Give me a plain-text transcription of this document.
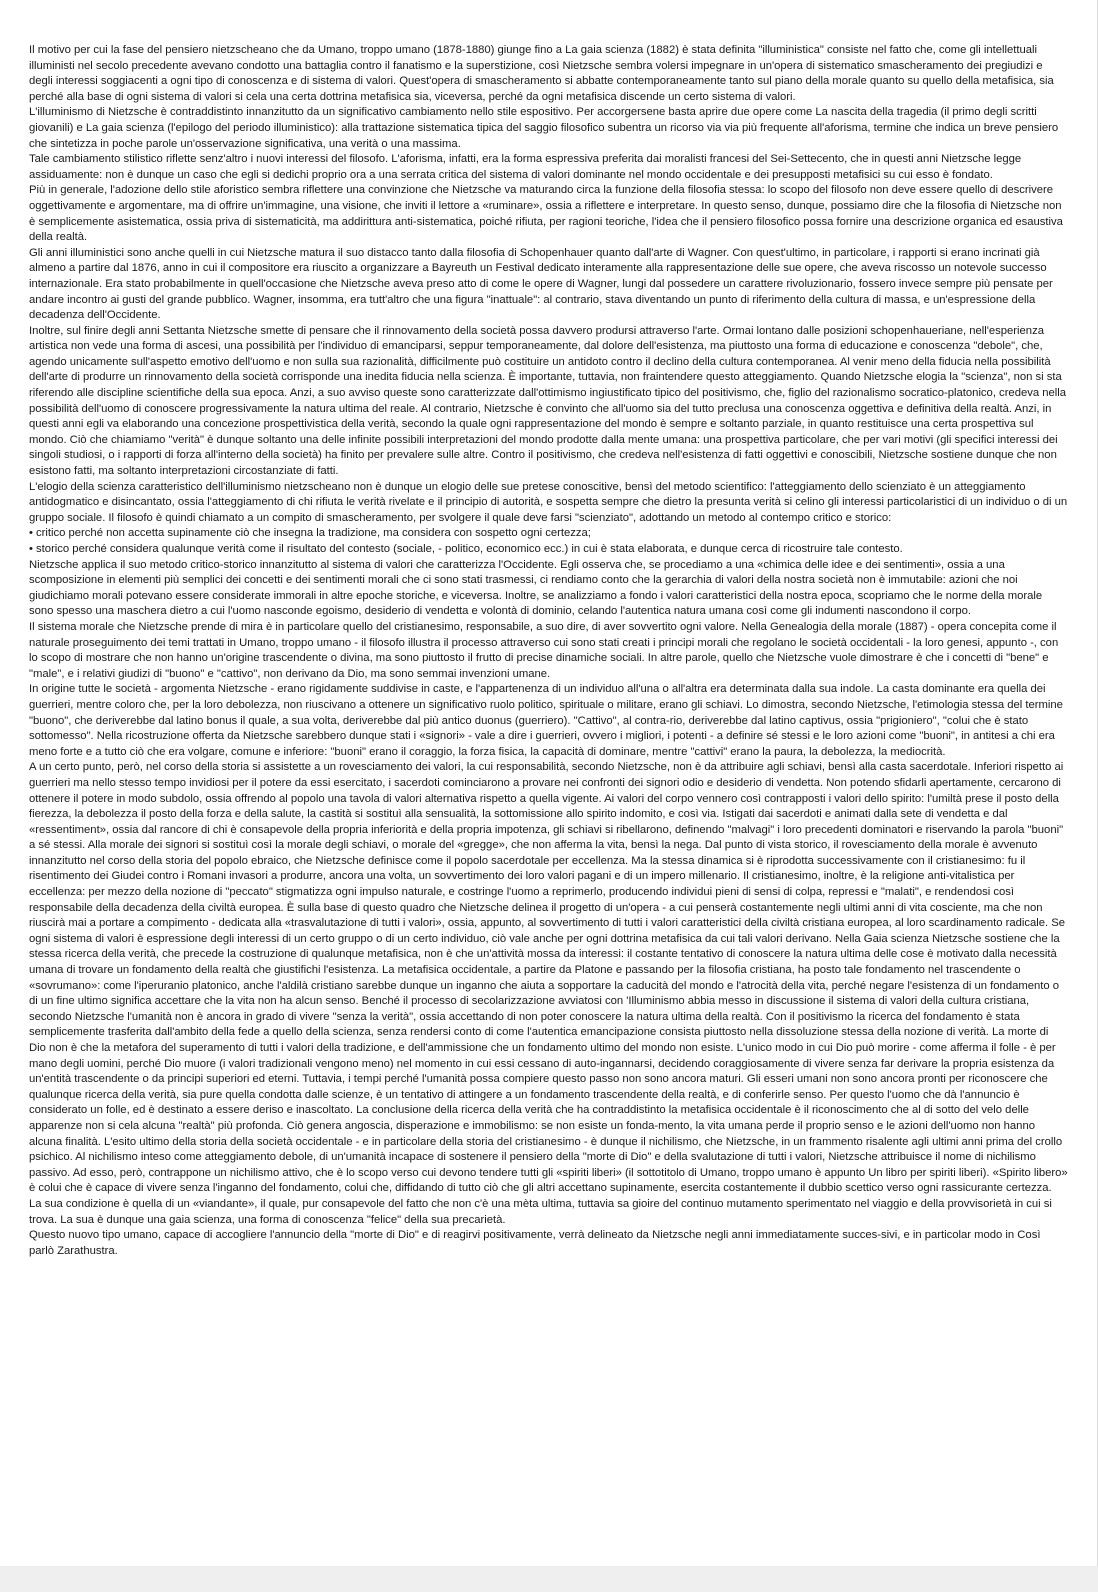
Il motivo per cui la fase del pensiero nietzscheano che da Umano, troppo umano (1878-1880) giunge fino a La gaia scienza (1882) è stata definita "illuministica" consiste nel fatto che, come gli intellettuali illuministi nel secolo precedente avevano condotto una battaglia contro il fanatismo e la superstizione, così Nietzsche sembra volersi impegnare in un'opera di sistematico smascheramento dei pregiudizi e degli interessi soggiacenti a ogni tipo di conoscenza e di sistema di valori. Quest'opera di smascheramento si abbatte contemporaneamente tanto sul piano della morale quanto su quello della metafisica, sia perché alla base di ogni sistema di valori si cela una certa dottrina metafisica sia, viceversa, perché da ogni metafisica discende un certo sistema di valori.

L'illuminismo di Nietzsche è contraddistinto innanzitutto da un significativo cambiamento nello stile espositivo. Per accorgersene basta aprire due opere come La nascita della tragedia (il primo degli scritti giovanili) e La gaia scienza (l'epilogo del periodo illuministico): alla trattazione sistematica tipica del saggio filosofico subentra un ricorso via via più frequente all'aforisma, termine che indica un breve pensiero che sintetizza in poche parole un'osservazione significativa, una verità o una massima.

Tale cambiamento stilistico riflette senz'altro i nuovi interessi del filosofo. L'aforisma, infatti, era la forma espressiva preferita dai moralisti francesi del Sei-Settecento, che in questi anni Nietzsche legge assiduamente: non è dunque un caso che egli si dedichi proprio ora a una serrata critica del sistema di valori dominante nel mondo occidentale e dei presupposti metafisici su cui esso è fondato.

Più in generale, l'adozione dello stile aforistico sembra riflettere una convinzione che Nietzsche va maturando circa la funzione della filosofia stessa: lo scopo del filosofo non deve essere quello di descrivere oggettivamente e argomentare, ma di offrire un'immagine, una visione, che inviti il lettore a «ruminare», ossia a riflettere e interpretare. In questo senso, dunque, possiamo dire che la filosofia di Nietzsche non è semplicemente asistematica, ossia priva di sistematicità, ma addirittura anti-sistematica, poiché rifiuta, per ragioni teoriche, l'idea che il pensiero filosofico possa fornire una descrizione organica ed esaustiva della realtà.

Gli anni illuministici sono anche quelli in cui Nietzsche matura il suo distacco tanto dalla filosofia di Schopenhauer quanto dall'arte di Wagner. Con quest'ultimo, in particolare, i rapporti si erano incrinati già almeno a partire dal 1876, anno in cui il compositore era riuscito a organizzare a Bayreuth un Festival dedicato interamente alla rappresentazione delle sue opere, che aveva riscosso un notevole successo internazionale. Era stato probabilmente in quell'occasione che Nietzsche aveva preso atto di come le opere di Wagner, lungi dal possedere un carattere rivoluzionario, fossero invece sempre più pensate per andare incontro ai gusti del grande pubblico. Wagner, insomma, era tutt'altro che una figura "inattuale": al contrario, stava diventando un punto di riferimento della cultura di massa, e un'espressione della decadenza dell'Occidente.

Inoltre, sul finire degli anni Settanta Nietzsche smette di pensare che il rinnovamento della società possa davvero prodursi attraverso l'arte. Ormai lontano dalle posizioni schopenhaueriane, nell'esperienza artistica non vede una forma di ascesi, una possibilità per l'individuo di emanciparsi, seppur temporaneamente, dal dolore dell'esistenza, ma piuttosto una forma di educazione e conoscenza "debole", che, agendo unicamente sull'aspetto emotivo dell'uomo e non sulla sua razionalità, difficilmente può costituire un antidoto contro il declino della cultura contemporanea. Al venir meno della fiducia nella possibilità dell'arte di produrre un rinnovamento della società corrisponde una inedita fiducia nella scienza. È importante, tuttavia, non fraintendere questo atteggiamento. Quando Nietzsche elogia la "scienza", non si sta riferendo alle discipline scientifiche della sua epoca. Anzi, a suo avviso queste sono caratterizzate dall'ottimismo ingiustificato tipico del positivismo, che, figlio del razionalismo socratico-platonico, credeva nella possibilità dell'uomo di conoscere progressivamente la natura ultima del reale. Al contrario, Nietzsche è convinto che all'uomo sia del tutto preclusa una conoscenza oggettiva e definitiva della realtà. Anzi, in questi anni egli va elaborando una concezione prospettivistica della verità, secondo la quale ogni rappresentazione del mondo è sempre e soltanto parziale, in quanto restituisce una certa prospettiva sul mondo. Ciò che chiamiamo "verità" è dunque soltanto una delle infinite possibili interpretazioni del mondo prodotte dalla mente umana: una prospettiva particolare, che per vari motivi (gli specifici interessi dei singoli studiosi, o i rapporti di forza all'interno della società) ha finito per prevalere sulle altre. Contro il positivismo, che credeva nell'esistenza di fatti oggettivi e conoscibili, Nietzsche sostiene dunque che non esistono fatti, ma soltanto interpretazioni circostanziate di fatti.

L'elogio della scienza caratteristico dell'illuminismo nietzscheano non è dunque un elogio delle sue pretese conoscitive, bensì del metodo scientifico: l'atteggiamento dello scienziato è un atteggiamento antidogmatico e disincantato, ossia l'atteggiamento di chi rifiuta le verità rivelate e il principio di autorità, e sospetta sempre che dietro la presunta verità si celino gli interessi particolaristici di un individuo o di un gruppo sociale. Il filosofo è quindi chiamato a un compito di smascheramento, per svolgere il quale deve farsi "scienziato", adottando un metodo al contempo critico e storico:

• critico perché non accetta supinamente ciò che insegna la tradizione, ma considera con sospetto ogni certezza;

• storico perché considera qualunque verità come il risultato del contesto (sociale, - politico, economico ecc.) in cui è stata elaborata, e dunque cerca di ricostruire tale contesto.

Nietzsche applica il suo metodo critico-storico innanzitutto al sistema di valori che caratterizza l'Occidente. Egli osserva che, se procediamo a una «chimica delle idee e dei sentimenti», ossia a una scomposizione in elementi più semplici dei concetti e dei sentimenti morali che ci sono stati trasmessi, ci rendiamo conto che la gerarchia di valori della nostra società non è immutabile: azioni che noi giudichiamo morali potevano essere considerate immorali in altre epoche storiche, e viceversa. Inoltre, se analizziamo a fondo i valori caratteristici della nostra epoca, scopriamo che le norme della morale sono spesso una maschera dietro a cui l'uomo nasconde egoismo, desiderio di vendetta e volontà di dominio, celando l'autentica natura umana così come gli indumenti nascondono il corpo.

Il sistema morale che Nietzsche prende di mira è in particolare quello del cristianesimo, responsabile, a suo dire, di aver sovvertito ogni valore. Nella Genealogia della morale (1887) - opera concepita come il naturale proseguimento dei temi trattati in Umano, troppo umano - il filosofo illustra il processo attraverso cui sono stati creati i principi morali che regolano le società occidentali - la loro genesi, appunto -, con lo scopo di mostrare che non hanno un'origine trascendente o divina, ma sono piuttosto il frutto di precise dinamiche sociali. In altre parole, quello che Nietzsche vuole dimostrare è che i concetti di "bene" e "male", e i relativi giudizi di "buono" e "cattivo", non derivano da Dio, ma sono semmai invenzioni umane.

In origine tutte le società - argomenta Nietzsche - erano rigidamente suddivise in caste, e l'appartenenza di un individuo all'una o all'altra era determinata dalla sua indole. La casta dominante era quella dei guerrieri, mentre coloro che, per la loro debolezza, non riuscivano a ottenere un significativo ruolo politico, spirituale o militare, erano gli schiavi. Lo dimostra, secondo Nietzsche, l'etimologia stessa del termine "buono", che deriverebbe dal latino bonus il quale, a sua volta, deriverebbe dal più antico duonus (guerriero). "Cattivo", al contra-rio, deriverebbe dal latino captivus, ossia "prigioniero", "colui che è stato sottomesso". Nella ricostruzione offerta da Nietzsche sarebbero dunque stati i «signori» - vale a dire i guerrieri, ovvero i migliori, i potenti - a definire sé stessi e le loro azioni come "buoni", in antitesi a chi era meno forte e a tutto ciò che era volgare, comune e inferiore: "buoni" erano il coraggio, la forza fisica, la capacità di dominare, mentre "cattivi" erano la paura, la debolezza, la mediocrità.

A un certo punto, però, nel corso della storia si assistette a un rovesciamento dei valori, la cui responsabilità, secondo Nietzsche, non è da attribuire agli schiavi, bensì alla casta sacerdotale. Inferiori rispetto ai guerrieri ma nello stesso tempo invidiosi per il potere da essi esercitato, i sacerdoti cominciarono a provare nei confronti dei signori odio e desiderio di vendetta. Non potendo sfidarli apertamente, cercarono di ottenere il potere in modo subdolo, ossia offrendo al popolo una tavola di valori alternativa rispetto a quella vigente. Ai valori del corpo vennero così contrapposti i valori dello spirito: l'umiltà prese il posto della fierezza, la debolezza il posto della forza e della salute, la castità si sostituì alla sensualità, la sottomissione allo spirito indomito, e così via. Istigati dai sacerdoti e animati dalla sete di vendetta e dal «ressentiment», ossia dal rancore di chi è consapevole della propria inferiorità e della propria impotenza, gli schiavi si ribellarono, definendo "malvagi" i loro precedenti dominatori e riservando la parola "buoni" a sé stessi. Alla morale dei signori si sostituì così la morale degli schiavi, o morale del «gregge», che non afferma la vita, bensì la nega. Dal punto di vista storico, il rovesciamento della morale è avvenuto innanzitutto nel corso della storia del popolo ebraico, che Nietzsche definisce come il popolo sacerdotale per eccellenza. Ma la stessa dinamica si è riprodotta successivamente con il cristianesimo: fu il risentimento dei Giudei contro i Romani invasori a produrre, ancora una volta, un sovvertimento dei loro valori pagani e di un impero millenario. Il cristianesimo, inoltre, è la religione anti-vitalistica per eccellenza: per mezzo della nozione di "peccato" stigmatizza ogni impulso naturale, e costringe l'uomo a reprimerlo, producendo individui pieni di sensi di colpa, repressi e "malati", e rendendosi così responsabile della decadenza della civiltà europea. È sulla base di questo quadro che Nietzsche delinea il progetto di un'opera - a cui penserà costantemente negli ultimi anni di vita cosciente, ma che non riuscirà mai a portare a compimento - dedicata alla «trasvalutazione di tutti i valori», ossia, appunto, al sovvertimento di tutti i valori caratteristici della civiltà cristiana europea, al loro scardinamento radicale. Se ogni sistema di valori è espressione degli interessi di un certo gruppo o di un certo individuo, ciò vale anche per ogni dottrina metafisica da cui tali valori derivano. Nella Gaia scienza Nietzsche sostiene che la stessa ricerca della verità, che precede la costruzione di qualunque metafisica, non è che un'attività mossa da interessi: il costante tentativo di conoscere la natura ultima delle cose è motivato dalla necessità umana di trovare un fondamento della realtà che giustifichi l'esistenza. La metafisica occidentale, a partire da Platone e passando per la filosofia cristiana, ha posto tale fondamento nel trascendente o «sovrumano»: come l'iperuranio platonico, anche l'aldilà cristiano sarebbe dunque un inganno che aiuta a sopportare la caducità del mondo e l'atrocità della vita, perché negare l'esistenza di un fondamento o di un fine ultimo significa accettare che la vita non ha alcun senso. Benché il processo di secolarizzazione avviatosi con 'Illuminismo abbia messo in discussione il sistema di valori della cultura cristiana, secondo Nietzsche l'umanità non è ancora in grado di vivere "senza la verità", ossia accettando di non poter conoscere la natura ultima della realtà. Con il positivismo la ricerca del fondamento è stata semplicemente trasferita dall'ambito della fede a quello della scienza, senza rendersi conto di come l'autentica emancipazione consista piuttosto nella dissoluzione stessa della nozione di verità. La morte di Dio non è che la metafora del superamento di tutti i valori della tradizione, e dell'ammissione che un fondamento ultimo del mondo non esiste. L'unico modo in cui Dio può morire - come afferma il folle - è per mano degli uomini, perché Dio muore (i valori tradizionali vengono meno) nel momento in cui essi cessano di auto-ingannarsi, decidendo coraggiosamente di vivere senza far derivare la propria esistenza da un'entità trascendente o da principi superiori ed eterni. Tuttavia, i tempi perché l'umanità possa compiere questo passo non sono ancora maturi. Gli esseri umani non sono ancora pronti per riconoscere che qualunque ricerca della verità, sia pure quella condotta dalle scienze, è un tentativo di attingere a un fondamento trascendente della realtà, e di conferirle senso. Per questo l'uomo che dà l'annuncio è considerato un folle, ed è destinato a essere deriso e inascoltato. La conclusione della ricerca della verità che ha contraddistinto la metafisica occidentale è il riconoscimento che al di sotto del velo delle apparenze non si cela alcuna "realtà" più profonda. Ciò genera angoscia, disperazione e immobilismo: se non esiste un fonda-mento, la vita umana perde il proprio senso e le azioni dell'uomo non hanno alcuna finalità. L'esito ultimo della storia della società occidentale - e in particolare della storia del cristianesimo - è dunque il nichilismo, che Nietzsche, in un frammento risalente agli ultimi anni prima del crollo psichico. Al nichilismo inteso come atteggiamento debole, di un'umanità incapace di sostenere il pensiero della "morte di Dio" e della svalutazione di tutti i valori, Nietzsche attribuisce il nome di nichilismo passivo. Ad esso, però, contrappone un nichilismo attivo, che è lo scopo verso cui devono tendere tutti gli «spiriti liberi» (il sottotitolo di Umano, troppo umano è appunto Un libro per spiriti liberi). «Spirito libero» è colui che è capace di vivere senza l'inganno del fondamento, colui che, diffidando di tutto ciò che gli altri accettano supinamente, esercita costantemente il dubbio scettico verso ogni rassicurante certezza.

La sua condizione è quella di un «viandante», il quale, pur consapevole del fatto che non c'è una mèta ultima, tuttavia sa gioire del continuo mutamento sperimentato nel viaggio e della provvisorietà in cui si trova. La sua è dunque una gaia scienza, una forma di conoscenza "felice" della sua precarietà.

Questo nuovo tipo umano, capace di accogliere l'annuncio della "morte di Dio" e di reagirvi positivamente, verrà delineato da Nietzsche negli anni immediatamente succes-sivi, e in particolar modo in Così parlò Zarathustra.
